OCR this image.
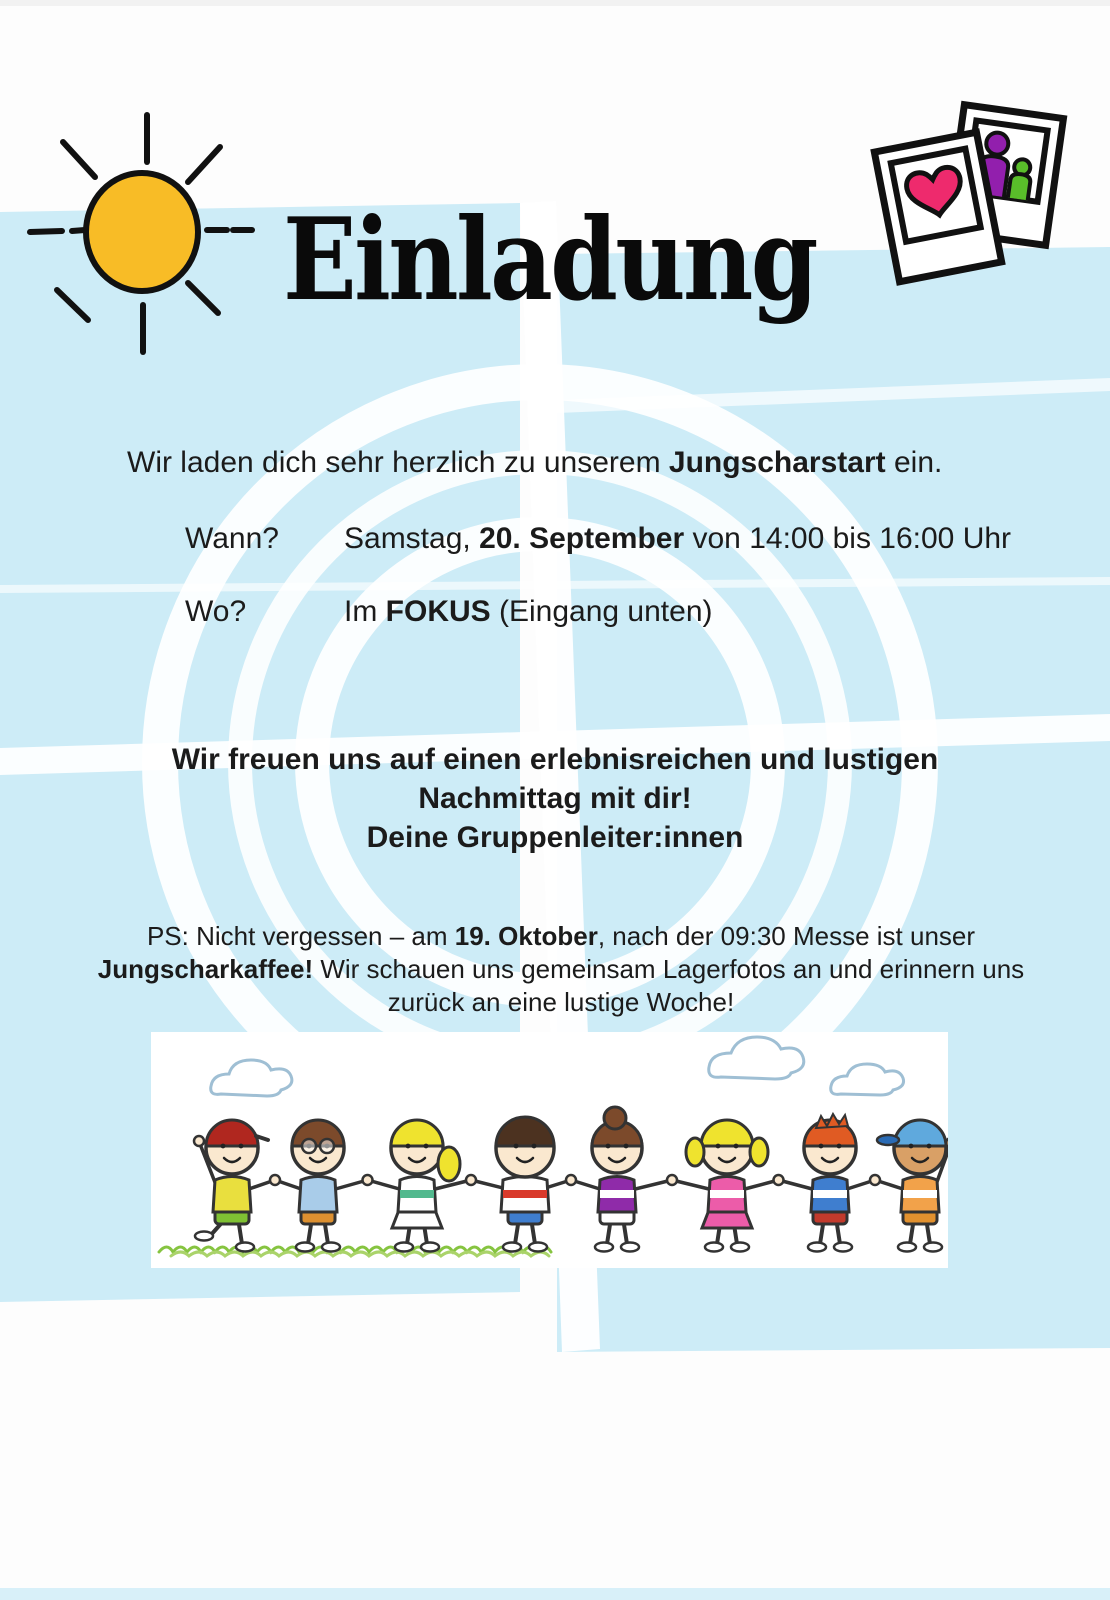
Einladung
Wir laden dich sehr herzlich zu unserem Jungscharstart ein.
Wann? Samstag, 20. September von 14:00 bis 16:00 Uhr
Wo?	Im FOKUS (Eingang unten)
Wir freuen uns auf einen erlebnisreichen und lustigen
Nachmittag mit dir!
Deine Gruppenleiter:innen
PS: Nicht vergessen – am 19. Oktober, nach der 09:30 Messe ist unser
Jungscharkaffee! Wir schauen uns gemeinsam Lagerfotos an und erinnern uns
zurück an eine lustige Woche!
